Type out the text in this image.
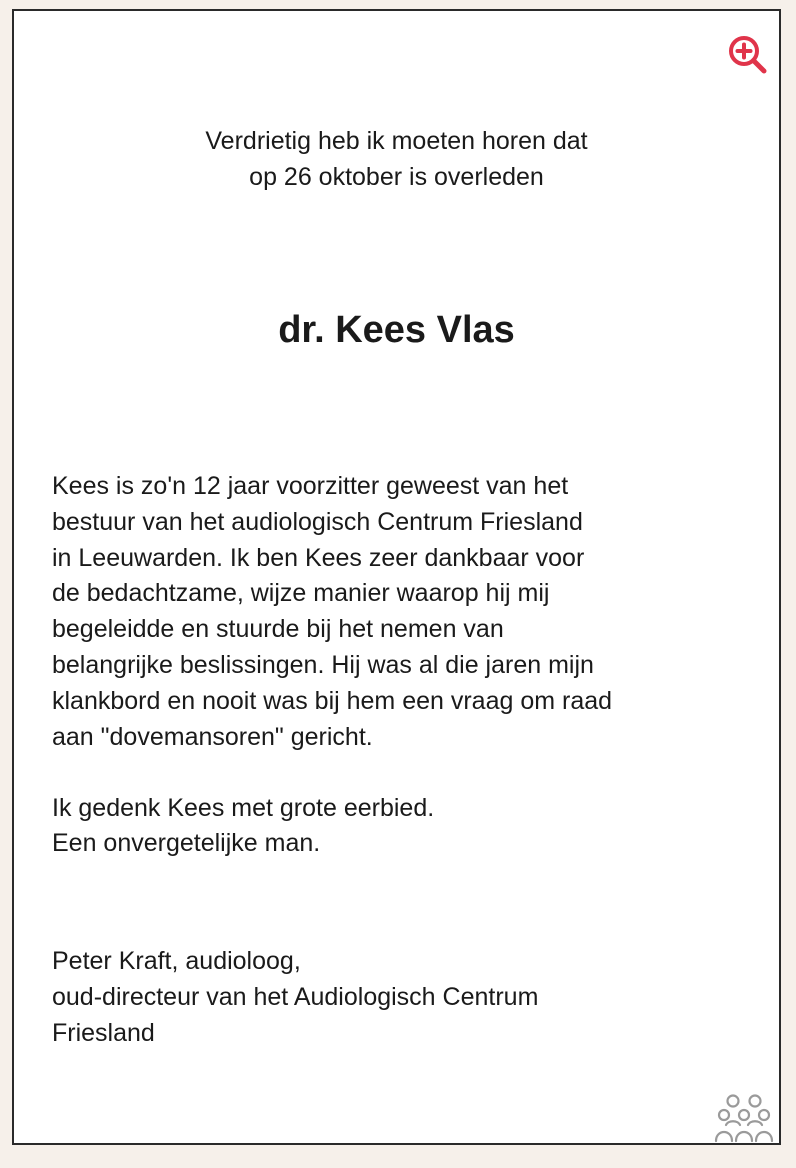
Verdrietig heb ik moeten horen dat
op 26 oktober is overleden
dr. Kees Vlas
Kees is zo'n 12 jaar voorzitter geweest van het
bestuur van het audiologisch Centrum Friesland
in Leeuwarden. Ik ben Kees zeer dankbaar voor
de bedachtzame, wijze manier waarop hij mij
begeleidde en stuurde bij het nemen van
belangrijke beslissingen. Hij was al die jaren mijn
klankbord en nooit was bij hem een vraag om raad
aan "dovemansoren" gericht.
Ik gedenk Kees met grote eerbied.
Een onvergetelijke man.
Peter Kraft, audioloog,
oud-directeur van het Audiologisch Centrum
Friesland
